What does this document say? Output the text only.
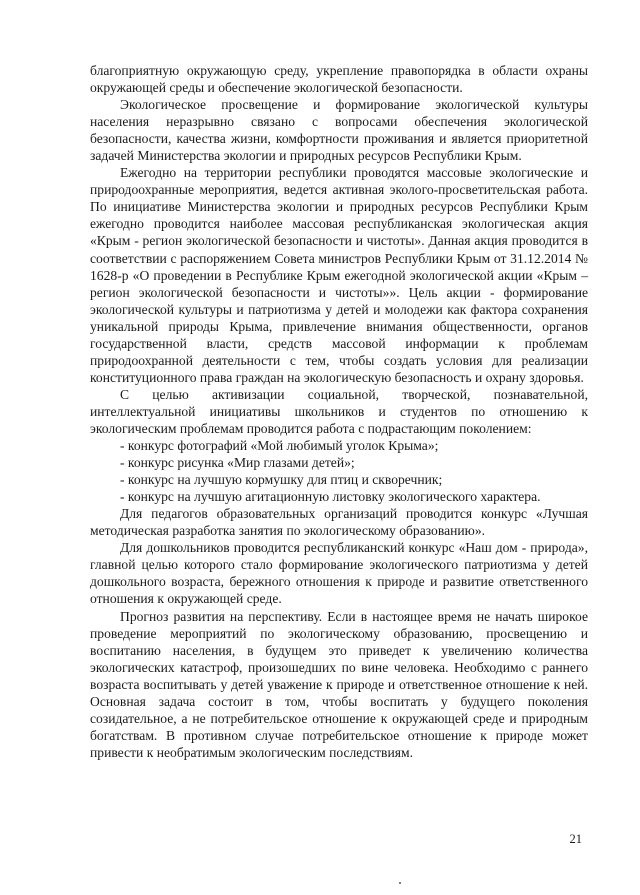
благоприятную окружающую среду, укрепление правопорядка в области охраны окружающей среды и обеспечение экологической безопасности.

Экологическое просвещение и формирование экологической культуры населения неразрывно связано с вопросами обеспечения экологической безопасности, качества жизни, комфортности проживания и является приоритетной задачей Министерства экологии и природных ресурсов Республики Крым.

Ежегодно на территории республики проводятся массовые экологические и природоохранные мероприятия, ведется активная эколого-просветительская работа. По инициативе Министерства экологии и природных ресурсов Республики Крым ежегодно проводится наиболее массовая республиканская экологическая акция «Крым - регион экологической безопасности и чистоты». Данная акция проводится в соответствии с распоряжением Совета министров Республики Крым от 31.12.2014 № 1628-р «О проведении в Республике Крым ежегодной экологической акции «Крым – регион экологической безопасности и чистоты»». Цель акции - формирование экологической культуры и патриотизма у детей и молодежи как фактора сохранения уникальной природы Крыма, привлечение внимания общественности, органов государственной власти, средств массовой информации к проблемам природоохранной деятельности с тем, чтобы создать условия для реализации конституционного права граждан на экологическую безопасность и охрану здоровья.

С целью активизации социальной, творческой, познавательной, интеллектуальной инициативы школьников и студентов по отношению к экологическим проблемам проводится работа с подрастающим поколением:

- конкурс фотографий «Мой любимый уголок Крыма»;

- конкурс рисунка «Мир глазами детей»;

- конкурс на лучшую кормушку для птиц и скворечник;

- конкурс на лучшую агитационную листовку экологического характера.

Для педагогов образовательных организаций проводится конкурс «Лучшая методическая разработка занятия по экологическому образованию».

Для дошкольников проводится республиканский конкурс «Наш дом - природа», главной целью которого стало формирование экологического патриотизма у детей дошкольного возраста, бережного отношения к природе и развитие ответственного отношения к окружающей среде.

Прогноз развития на перспективу. Если в настоящее время не начать широкое проведение мероприятий по экологическому образованию, просвещению и воспитанию населения, в будущем это приведет к увеличению количества экологических катастроф, произошедших по вине человека. Необходимо с раннего возраста воспитывать у детей уважение к природе и ответственное отношение к ней. Основная задача состоит в том, чтобы воспитать у будущего поколения созидательное, а не потребительское отношение к окружающей среде и природным богатствам. В противном случае потребительское отношение к природе может привести к необратимым экологическим последствиям.

21
